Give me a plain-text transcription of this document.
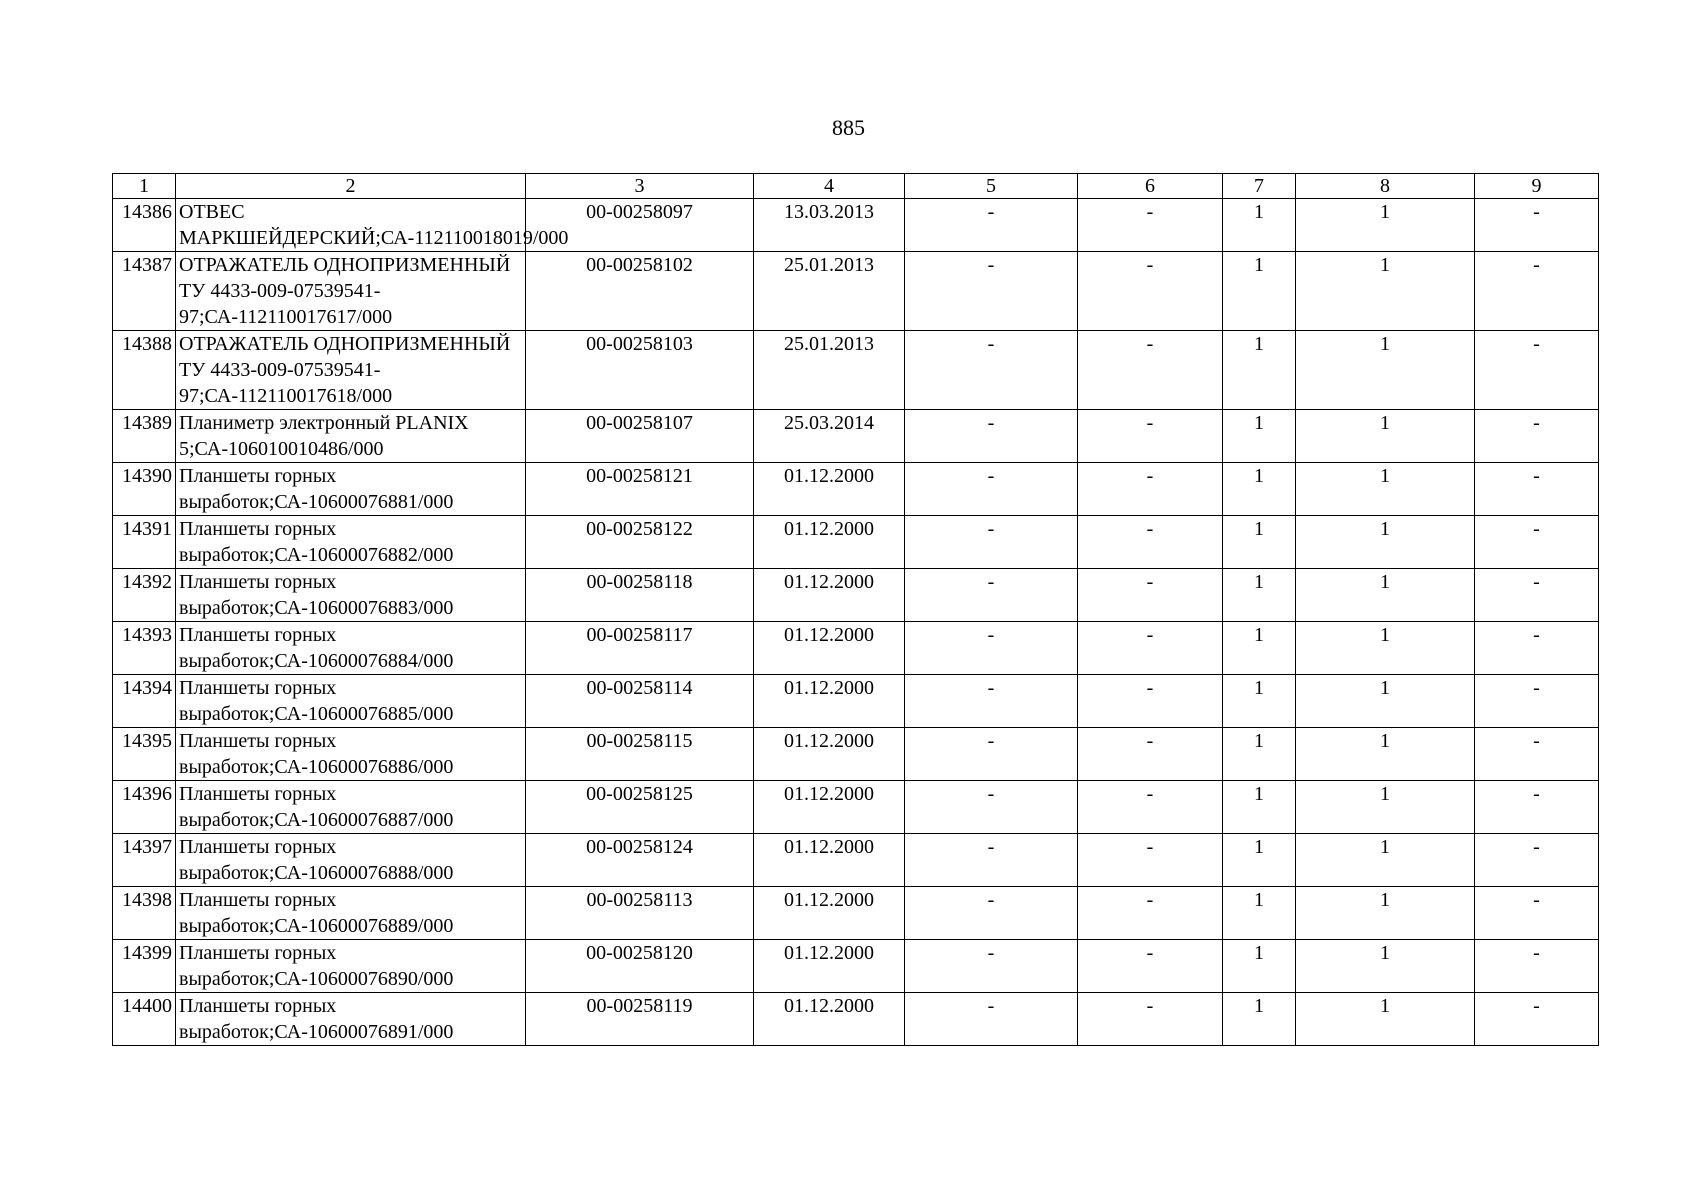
885
1	2	3	4	5	6	7	8	9
14386	ОТВЕС МАРКШЕЙДЕРСКИЙ;СА-112110018019/000	00-00258097	13.03.2013	-	-	1	1	-
14387	ОТРАЖАТЕЛЬ ОДНОПРИЗМЕННЫЙ ТУ 4433-009-07539541-97;СА-112110017617/000	00-00258102	25.01.2013	-	-	1	1	-
14388	ОТРАЖАТЕЛЬ ОДНОПРИЗМЕННЫЙ ТУ 4433-009-07539541-97;СА-112110017618/000	00-00258103	25.01.2013	-	-	1	1	-
14389	Планиметр электронный PLANIX 5;СА-106010010486/000	00-00258107	25.03.2014	-	-	1	1	-
14390	Планшеты горных выработок;СА-10600076881/000	00-00258121	01.12.2000	-	-	1	1	-
14391	Планшеты горных выработок;СА-10600076882/000	00-00258122	01.12.2000	-	-	1	1	-
14392	Планшеты горных выработок;СА-10600076883/000	00-00258118	01.12.2000	-	-	1	1	-
14393	Планшеты горных выработок;СА-10600076884/000	00-00258117	01.12.2000	-	-	1	1	-
14394	Планшеты горных выработок;СА-10600076885/000	00-00258114	01.12.2000	-	-	1	1	-
14395	Планшеты горных выработок;СА-10600076886/000	00-00258115	01.12.2000	-	-	1	1	-
14396	Планшеты горных выработок;СА-10600076887/000	00-00258125	01.12.2000	-	-	1	1	-
14397	Планшеты горных выработок;СА-10600076888/000	00-00258124	01.12.2000	-	-	1	1	-
14398	Планшеты горных выработок;СА-10600076889/000	00-00258113	01.12.2000	-	-	1	1	-
14399	Планшеты горных выработок;СА-10600076890/000	00-00258120	01.12.2000	-	-	1	1	-
14400	Планшеты горных выработок;СА-10600076891/000	00-00258119	01.12.2000	-	-	1	1	-
